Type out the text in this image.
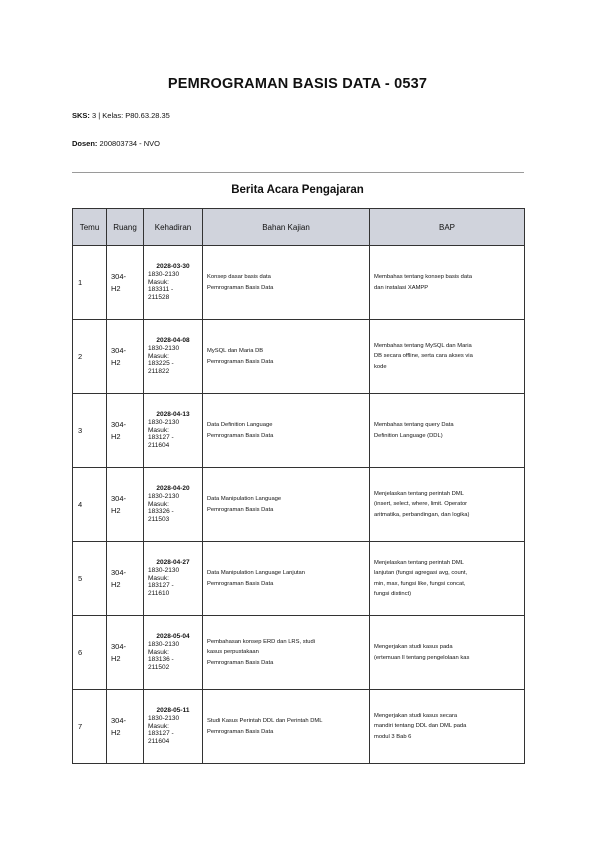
PEMROGRAMAN BASIS DATA - 0537
SKS: 3 | Kelas: P80.63.28.35
Dosen: 200803734 - NVO
Berita Acara Pengajaran
Temu	Ruang	Kehadiran	Bahan Kajian	BAP
1	304-
H2	2028-03-30
1830-2130
Masuk:
183311 -
211528	Konsep dasar basis data
Pemrograman Basis Data	Membahas tentang konsep basis data
dan instalasi XAMPP

2	304-
H2	2028-04-08
1830-2130
Masuk:
183225 -
211822	MySQL dan Maria DB
Pemrograman Basis Data	Membahas tentang MySQL dan Maria
DB secara offline, serta cara akses via
kode

3	304-
H2	2028-04-13
1830-2130
Masuk:
183127 -
211604	Data Definition Language
Pemrograman Basis Data	Membahas tentang query Data
Definition Language (DDL)

4	304-
H2	2028-04-20
1830-2130
Masuk:
183326 -
211503	Data Manipulation Language
Pemrograman Basis Data	Menjelaskan tentang perintah DML
(insert, select, where, limit. Operator
aritmatika, perbandingan, dan logika)

5	304-
H2	2028-04-27
1830-2130
Masuk:
183127 -
211610	Data Manipulation Language Lanjutan
Pemrograman Basis Data	Menjelaskan tentang perintah DML
lanjutan (fungsi agregasi avg, count,
min, max, fungsi like, fungsi concat,
fungsi distinct)

6	304-
H2	2028-05-04
1830-2130
Masuk:
183136 -
211502	Pembahasan konsep ERD dan LRS, studi
kasus perpustakaan
Pemrograman Basis Data	Mengerjakan studi kasus pada
(ertemuan ll tentang pengelolaan kas

7	304-
H2	2028-05-11
1830-2130
Masuk:
183127 -
211604	Studi Kasus Perintah DDL dan Perintah DML
Pemrograman Basis Data	Mengerjakan studi kasus secara
mandiri tentang DDL dan DML pada
modul 3 Bab 6
